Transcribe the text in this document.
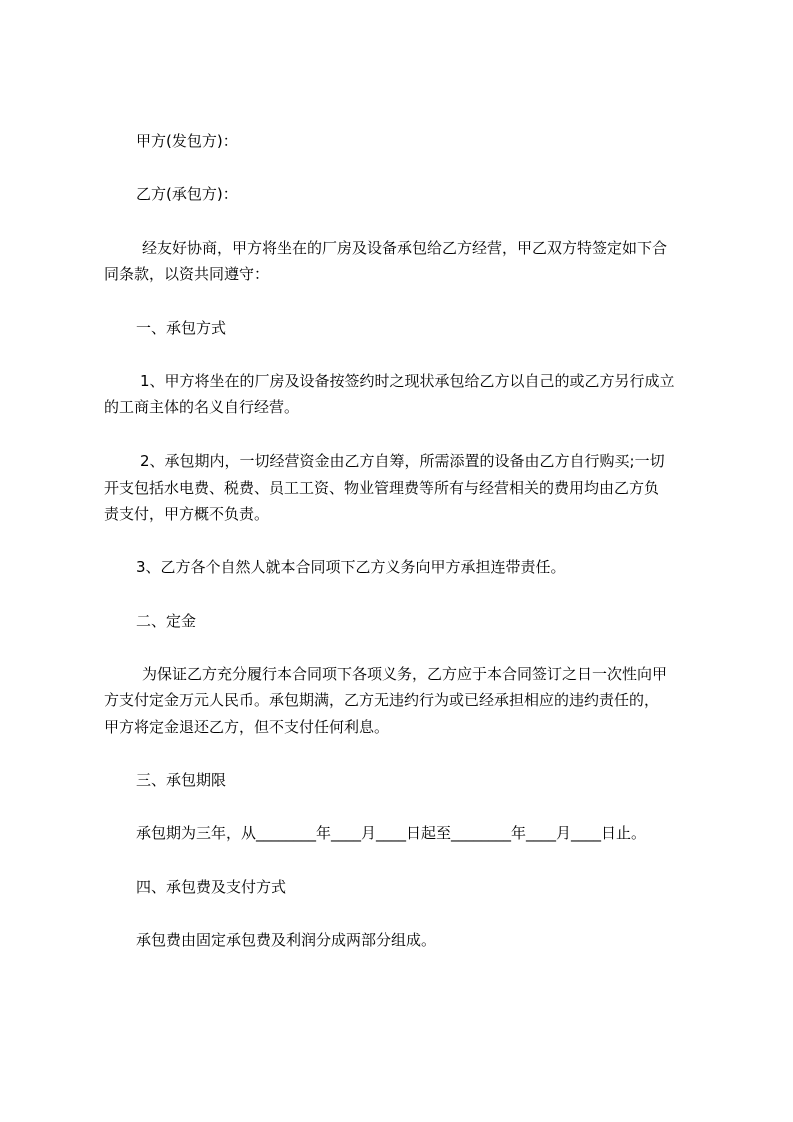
甲方(发包方)：

乙方(承包方)：

经友好协商，甲方将坐在的厂房及设备承包给乙方经营，甲乙双方特签定如下合

同条款，以资共同遵守：

一、承包方式

1、甲方将坐在的厂房及设备按签约时之现状承包给乙方以自己的或乙方另行成立

的工商主体的名义自行经营。

2、承包期内，一切经营资金由乙方自筹，所需添置的设备由乙方自行购买;一切

开支包括水电费、税费、员工工资、物业管理费等所有与经营相关的费用均由乙方负

责支付，甲方概不负责。

3、乙方各个自然人就本合同项下乙方义务向甲方承担连带责任。

二、定金

为保证乙方充分履行本合同项下各项义务，乙方应于本合同签订之日一次性向甲

方支付定金万元人民币。承包期满，乙方无违约行为或已经承担相应的违约责任的，

甲方将定金退还乙方，但不支付任何利息。

三、承包期限

承包期为三年，从________年____月____日起至________年____月____日止。

四、承包费及支付方式

承包费由固定承包费及利润分成两部分组成。
